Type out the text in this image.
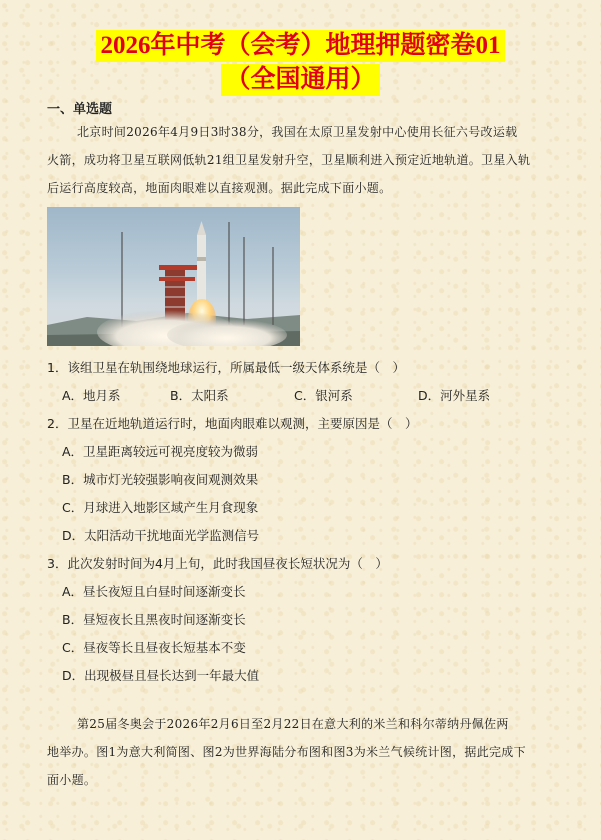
2026年中考（会考）地理押题密卷01
（全国通用）
一、单选题
北京时间2026年4月9日3时38分，我国在太原卫星发射中心使用长征六号改运载
火箭，成功将卫星互联网低轨21组卫星发射升空，卫星顺利进入预定近地轨道。卫星入轨
后运行高度较高，地面肉眼难以直接观测。据此完成下面小题。
1．该组卫星在轨围绕地球运行，所属最低一级天体系统是（　）
A．地月系	B．太阳系	C．银河系	D．河外星系
2．卫星在近地轨道运行时，地面肉眼难以观测，主要原因是（　）
A．卫星距离较远可视亮度较为微弱
B．城市灯光较强影响夜间观测效果
C．月球进入地影区域产生月食现象
D．太阳活动干扰地面光学监测信号
3．此次发射时间为4月上旬，此时我国昼夜长短状况为（　）
A．昼长夜短且白昼时间逐渐变长
B．昼短夜长且黑夜时间逐渐变长
C．昼夜等长且昼夜长短基本不变
D．出现极昼且昼长达到一年最大值
第25届冬奥会于2026年2月6日至2月22日在意大利的米兰和科尔蒂纳丹佩佐两
地举办。图1为意大利简图、图2为世界海陆分布图和图3为米兰气候统计图，据此完成下
面小题。
